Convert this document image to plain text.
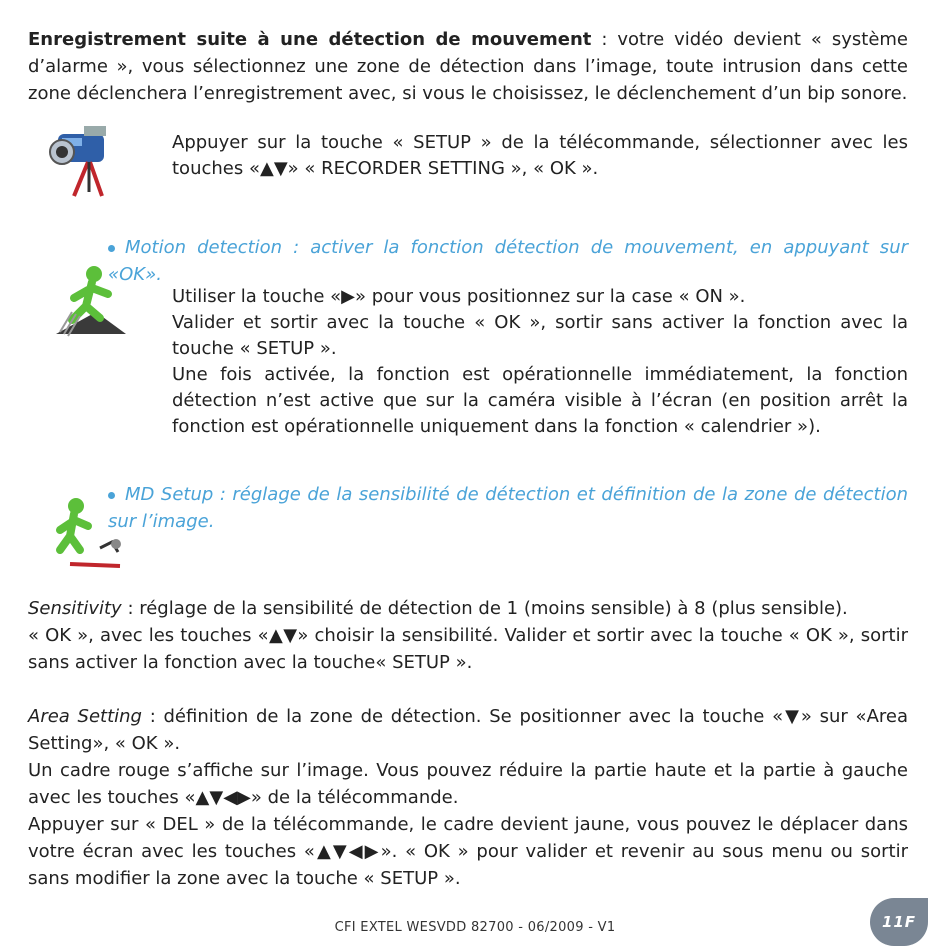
Enregistrement suite à une détection de mouvement : votre vidéo devient « système d’alarme », vous sélectionnez une zone de détection dans l’image, toute intrusion dans cette zone déclenchera l’enregistrement avec, si vous le choisissez, le déclenchement d’un bip sonore.
Appuyer sur la touche « SETUP » de la télécommande, sélectionner avec les touches «▲▼» « RECORDER SETTING », « OK ».
Motion detection : activer la fonction détection de mouvement, en appuyant sur «OK».
Utiliser la touche «▶» pour vous positionnez sur la case « ON ».
Valider et sortir avec la touche « OK », sortir sans activer la fonction avec la touche « SETUP ».
Une fois activée, la fonction est opérationnelle immédiatement, la fonction détection n’est active que sur la caméra visible à l’écran (en position arrêt la fonction est opérationnelle uniquement dans la fonction « calendrier »).
MD Setup : réglage de la sensibilité de détection et définition de la zone de détection sur l’image.
Sensitivity : réglage de la sensibilité de détection de 1 (moins sensible) à 8 (plus sensible).
« OK », avec les touches «▲▼» choisir la sensibilité. Valider et sortir avec la touche « OK », sortir sans activer la fonction avec la touche« SETUP ».
Area Setting : définition de la zone de détection. Se positionner avec la touche «▼» sur «Area Setting», « OK ».
Un cadre rouge s’affiche sur l’image. Vous pouvez réduire la partie haute et la partie à gauche avec les touches «▲▼◀▶» de la télécommande.
Appuyer sur « DEL » de la télécommande, le cadre devient jaune, vous pouvez le déplacer dans votre écran avec les touches «▲▼◀▶». « OK » pour valider et revenir au sous menu ou sortir sans modifier la zone avec la touche « SETUP ».
CFI EXTEL WESVDD 82700 - 06/2009 - V1	11F
